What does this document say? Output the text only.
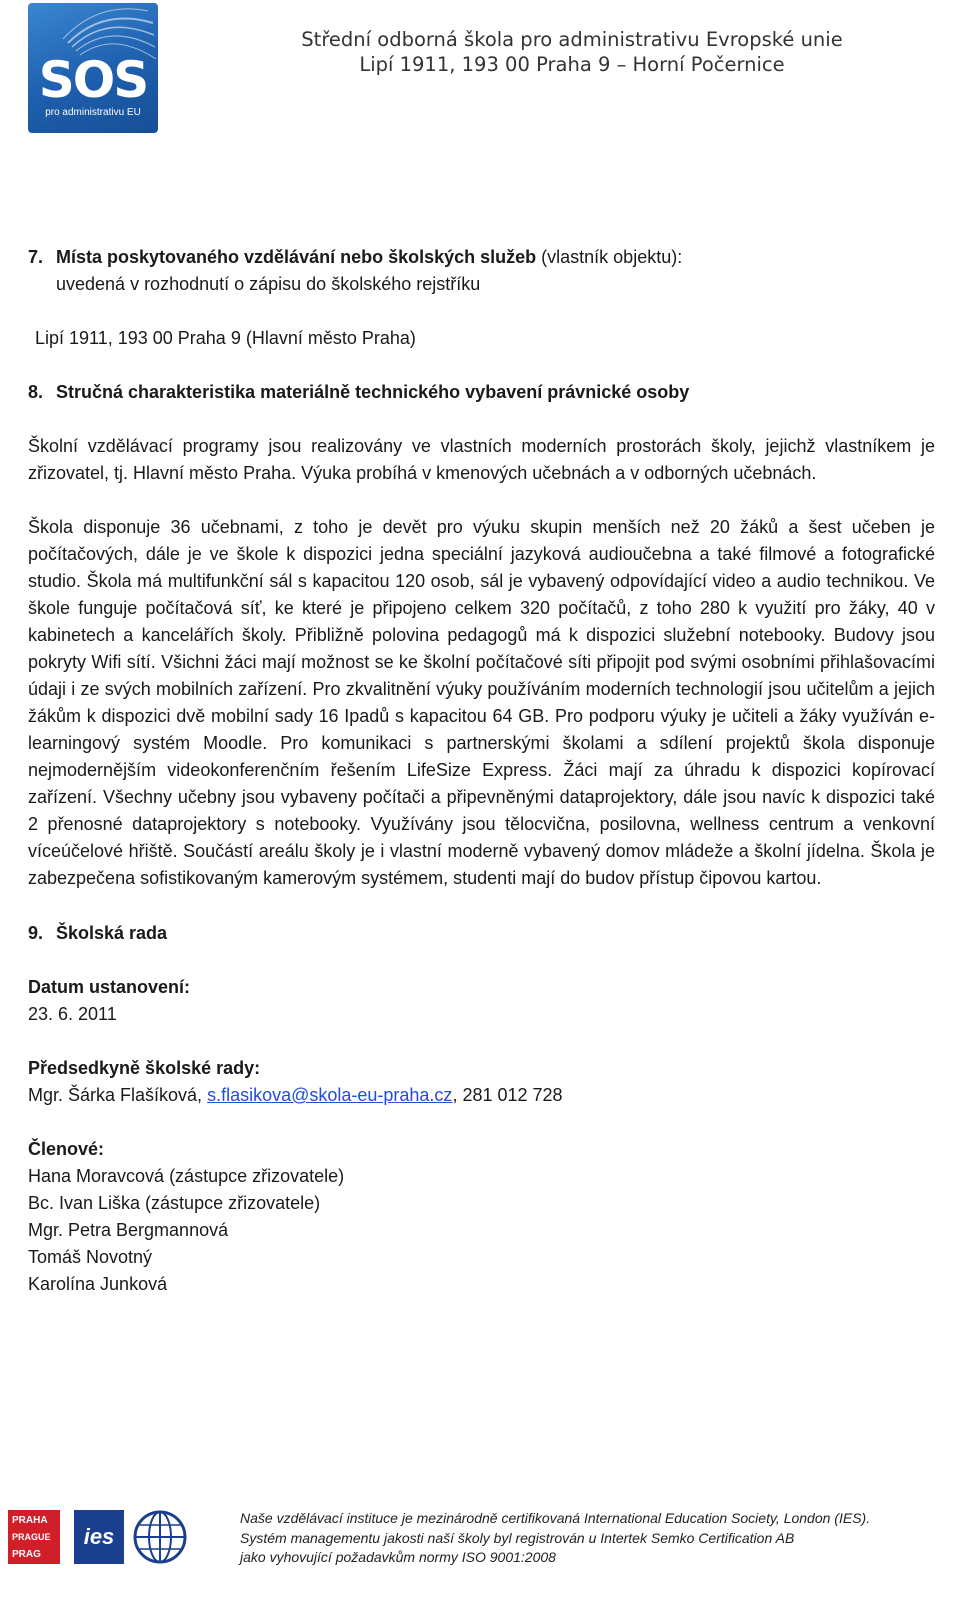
SOS
pro administrativu EU
Střední odborná škola pro administrativu Evropské unie
Lipí 1911, 193 00 Praha 9 – Horní Počernice
7. Místa poskytovaného vzdělávání nebo školských služeb (vlastník objektu):
uvedená v rozhodnutí o zápisu do školského rejstříku
Lipí 1911, 193 00 Praha 9 (Hlavní město Praha)
8. Stručná charakteristika materiálně technického vybavení právnické osoby

Školní vzdělávací programy jsou realizovány ve vlastních moderních prostorách školy, jejichž vlastníkem je zřizovatel, tj. Hlavní město Praha. Výuka probíhá v kmenových učebnách a v odborných učebnách.

Škola disponuje 36 učebnami, z toho je devět pro výuku skupin menších než 20 žáků a šest učeben je počítačových, dále je ve škole k dispozici jedna speciální jazyková audioučebna a také filmové a fotografické studio. Škola má multifunkční sál s kapacitou 120 osob, sál je vybavený odpovídající video a audio technikou. Ve škole funguje počítačová síť, ke které je připojeno celkem 320 počítačů, z toho 280 k využití pro žáky, 40 v kabinetech a kancelářích školy. Přibližně polovina pedagogů má k dispozici služební notebooky. Budovy jsou pokryty Wifi sítí. Všichni žáci mají možnost se ke školní počítačové síti připojit pod svými osobními přihlašovacími údaji i ze svých mobilních zařízení. Pro zkvalitnění výuky používáním moderních technologií jsou učitelům a jejich žákům k dispozici dvě mobilní sady 16 Ipadů s kapacitou 64 GB. Pro podporu výuky je učiteli a žáky využíván e-learningový systém Moodle. Pro komunikaci s partnerskými školami a sdílení projektů škola disponuje nejmodernějším videokonferenčním řešením LifeSize Express. Žáci mají za úhradu k dispozici kopírovací zařízení. Všechny učebny jsou vybaveny počítači a připevněnými dataprojektory, dále jsou navíc k dispozici také 2 přenosné dataprojektory s notebooky. Využívány jsou tělocvična, posilovna, wellness centrum a venkovní víceúčelové hřiště. Součástí areálu školy je i vlastní moderně vybavený domov mládeže a školní jídelna. Škola je zabezpečena sofistikovaným kamerovým systémem, studenti mají do budov přístup čipovou kartou.

9. Školská rada
Datum ustanovení:
23. 6. 2011
Předsedkyně školské rady:
Mgr. Šárka Flašíková, s.flasikova@skola-eu-praha.cz, 281 012 728
Členové:
Hana Moravcová (zástupce zřizovatele)
Bc. Ivan Liška (zástupce zřizovatele)
Mgr. Petra Bergmannová
Tomáš Novotný
Karolína Junková
PRAHA
PRAGUE
PRAG
ies
Naše vzdělávací instituce je mezinárodně certifikovaná International Education Society, London (IES).
Systém managementu jakosti naší školy byl registrován u Intertek Semko Certification AB
jako vyhovující požadavkům normy ISO 9001:2008
